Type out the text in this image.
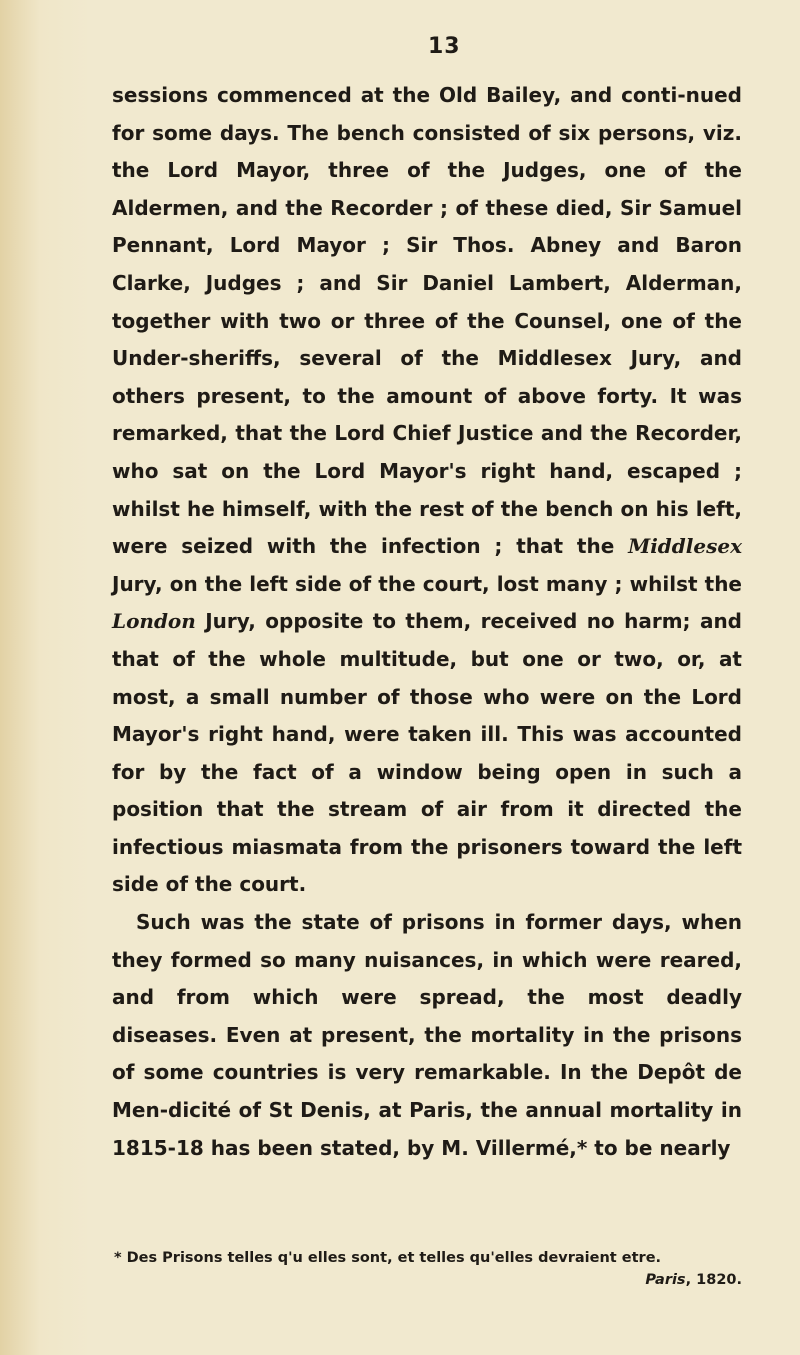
13

sessions commenced at the Old Bailey, and conti-nued for some days. The bench consisted of six persons, viz. the Lord Mayor, three of the Judges, one of the Aldermen, and the Recorder ; of these died, Sir Samuel Pennant, Lord Mayor ; Sir Thos. Abney and Baron Clarke, Judges ; and Sir Daniel Lambert, Alderman, together with two or three of the Counsel, one of the Under-sheriffs, several of the Middlesex Jury, and others present, to the amount of above forty. It was remarked, that the Lord Chief Justice and the Recorder, who sat on the Lord Mayor's right hand, escaped ; whilst he himself, with the rest of the bench on his left, were seized with the infection ; that the Middlesex Jury, on the left side of the court, lost many ; whilst the London Jury, opposite to them, received no harm; and that of the whole multitude, but one or two, or, at most, a small number of those who were on the Lord Mayor's right hand, were taken ill. This was accounted for by the fact of a window being open in such a position that the stream of air from it directed the infectious miasmata from the prisoners toward the left side of the court.

Such was the state of prisons in former days, when they formed so many nuisances, in which were reared, and from which were spread, the most deadly diseases. Even at present, the mortality in the prisons of some countries is very remarkable. In the Depôt de Men-dicité of St Denis, at Paris, the annual mortality in 1815-18 has been stated, by M. Villermé,* to be nearly

* Des Prisons telles q'u elles sont, et telles qu'elles devraient etre.

Paris, 1820.
